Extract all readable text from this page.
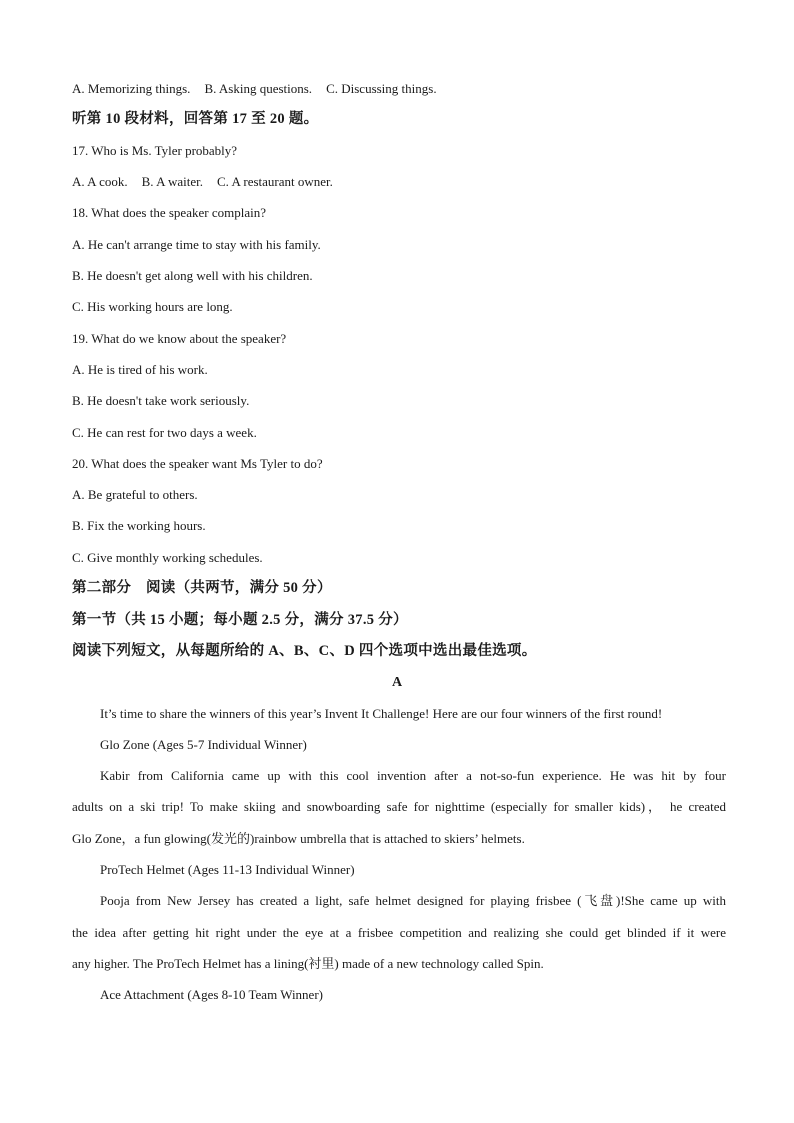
A. Memorizing things. B. Asking questions. C. Discussing things.
听第 10 段材料，回答第 17 至 20 题。
17. Who is Ms. Tyler probably?
A. A cook. B. A waiter. C. A restaurant owner.
18. What does the speaker complain?
A. He can't arrange time to stay with his family.
B. He doesn't get along well with his children.
C. His working hours are long.
19. What do we know about the speaker?
A. He is tired of his work.
B. He doesn't take work seriously.
C. He can rest for two days a week.
20. What does the speaker want Ms Tyler to do?
A. Be grateful to others.
B. Fix the working hours.
C. Give monthly working schedules.
第二部分　阅读（共两节，满分 50 分）
第一节（共 15 小题；每小题 2.5 分，满分 37.5 分）
阅读下列短文，从每题所给的 A、B、C、D 四个选项中选出最佳选项。
A
It’s time to share the winners of this year’s Invent It Challenge! Here are our four winners of the first round!
Glo Zone (Ages 5-7 Individual Winner)
Kabir from California came up with this cool invention after a not-so-fun experience. He was hit by four
adults on a ski trip! To make skiing and snowboarding safe for nighttime (especially for smaller kids)， he created
Glo Zone，a fun glowing(发光的)rainbow umbrella that is attached to skiers’ helmets.
ProTech Helmet (Ages 11-13 Individual Winner)
Pooja from New Jersey has created a light, safe helmet designed for playing frisbee (飞盘)!She came up with
the idea after getting hit right under the eye at a frisbee competition and realizing she could get blinded if it were
any higher. The ProTech Helmet has a lining(衬里) made of a new technology called Spin.
Ace Attachment (Ages 8-10 Team Winner)
